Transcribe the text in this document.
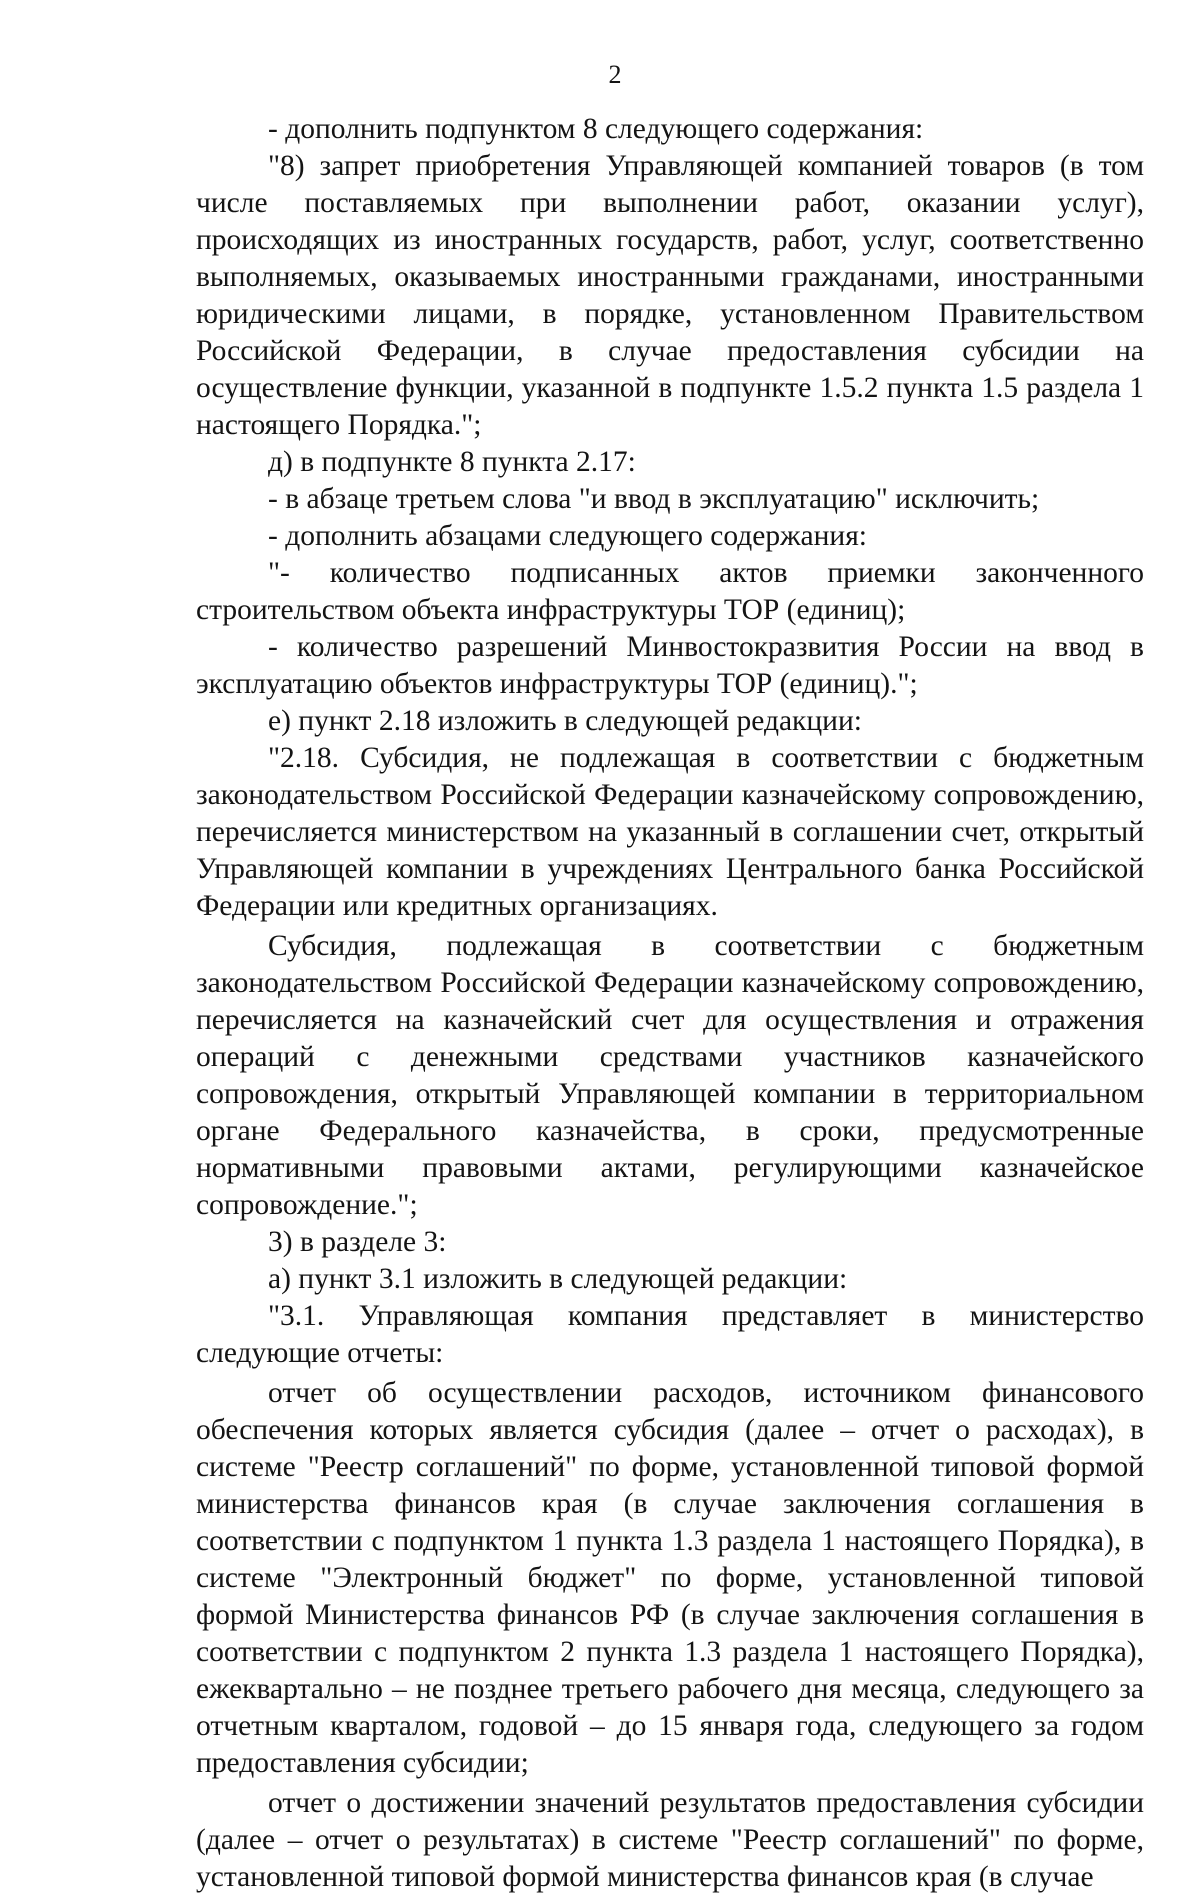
2

- дополнить подпунктом 8 следующего содержания:

"8) запрет приобретения Управляющей компанией товаров (в том числе поставляемых при выполнении работ, оказании услуг), происходящих из иностранных государств, работ, услуг, соответственно выполняемых, оказываемых иностранными гражданами, иностранными юридическими лицами, в порядке, установленном Правительством Российской Федерации, в случае предоставления субсидии на осуществление функции, указанной в подпункте 1.5.2 пункта 1.5 раздела 1 настоящего Порядка.";

д) в подпункте 8 пункта 2.17:

- в абзаце третьем слова "и ввод в эксплуатацию" исключить;

- дополнить абзацами следующего содержания:

"- количество подписанных актов приемки законченного строительством объекта инфраструктуры ТОР (единиц);

- количество разрешений Минвостокразвития России на ввод в эксплуатацию объектов инфраструктуры ТОР (единиц).";

е) пункт 2.18 изложить в следующей редакции:

"2.18. Субсидия, не подлежащая в соответствии с бюджетным законодательством Российской Федерации казначейскому сопровождению, перечисляется министерством на указанный в соглашении счет, открытый Управляющей компании в учреждениях Центрального банка Российской Федерации или кредитных организациях.

Субсидия, подлежащая в соответствии с бюджетным законодательством Российской Федерации казначейскому сопровождению, перечисляется на казначейский счет для осуществления и отражения операций с денежными средствами участников казначейского сопровождения, открытый Управляющей компании в территориальном органе Федерального казначейства, в сроки, предусмотренные нормативными правовыми актами, регулирующими казначейское сопровождение.";

3) в разделе 3:

а) пункт 3.1 изложить в следующей редакции:

"3.1. Управляющая компания представляет в министерство следующие отчеты:

отчет об осуществлении расходов, источником финансового обеспечения которых является субсидия (далее – отчет о расходах), в системе "Реестр соглашений" по форме, установленной типовой формой министерства финансов края (в случае заключения соглашения в соответствии с подпунктом 1 пункта 1.3 раздела 1 настоящего Порядка), в системе "Электронный бюджет" по форме, установленной типовой формой Министерства финансов РФ (в случае заключения соглашения в соответствии с подпунктом 2 пункта 1.3 раздела 1 настоящего Порядка), ежеквартально – не позднее третьего рабочего дня месяца, следующего за отчетным кварталом, годовой – до 15 января года, следующего за годом предоставления субсидии;

отчет о достижении значений результатов предоставления субсидии (далее – отчет о результатах) в системе "Реестр соглашений" по форме, установленной типовой формой министерства финансов края (в случае
